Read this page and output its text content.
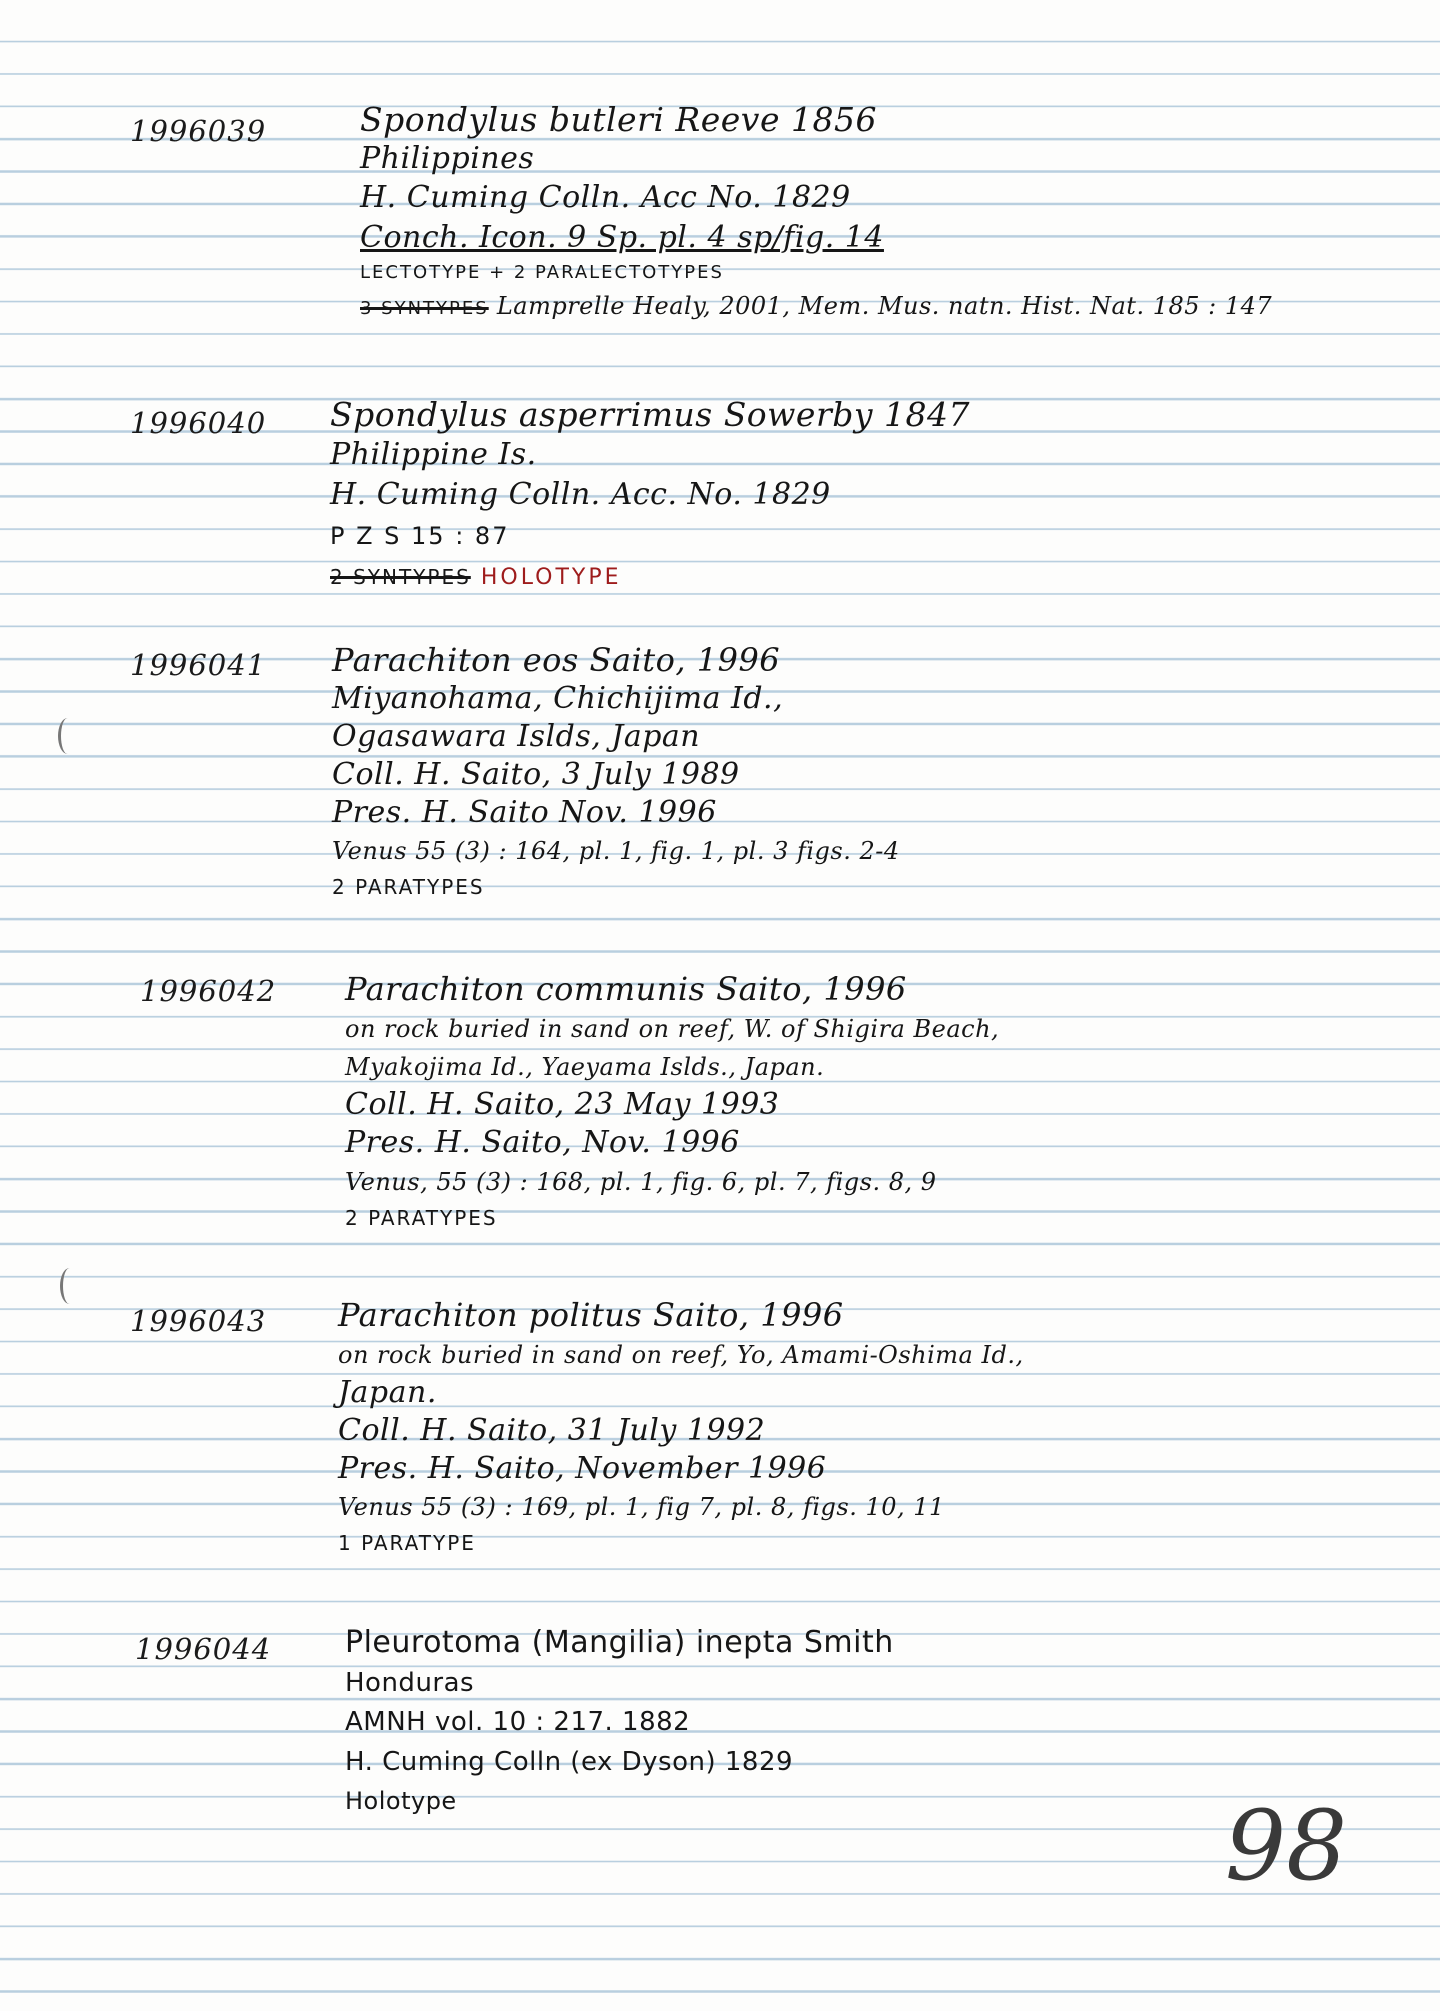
1996039	Spondylus butleri Reeve 1856
Philippines
H. Cuming Colln. Acc No. 1829
Conch. Icon. 9 Sp. pl. 4 sp/fig. 14
LECTOTYPE + 2 PARALECTOTYPES
3 SYNTYPES Lamprelle Healy, 2001, Mem. Mus. natn. Hist. Nat. 185 : 147
1996040 Spondylus asperrimus Sowerby 1847
Philippine Is.
H. Cuming Colln. Acc. No. 1829
P Z S 15 : 87
2 SYNTYPES HOLOTYPE
1996041 Parachiton eos Saito, 1996
Miyanohama, Chichijima Id.,
Ogasawara Islds, Japan
Coll. H. Saito, 3 July 1989
Pres. H. Saito Nov. 1996
Venus 55 (3) : 164, pl. 1, fig. 1, pl. 3 figs. 2-4
2 PARATYPES
1996042 Parachiton communis Saito, 1996
on rock buried in sand on reef, W. of Shigira Beach,
Myakojima Id., Yaeyama Islds., Japan.
Coll. H. Saito, 23 May 1993
Pres. H. Saito, Nov. 1996
Venus, 55 (3) : 168, pl. 1, fig. 6, pl. 7, figs. 8, 9
2 PARATYPES
1996043 Parachiton politus Saito, 1996
on rock buried in sand on reef, Yo, Amami-Oshima Id.,
Japan.
Coll. H. Saito, 31 July 1992
Pres. H. Saito, November 1996
Venus 55 (3) : 169, pl. 1, fig 7, pl. 8, figs. 10, 11
1 PARATYPE
1996044 Pleurotoma (Mangilia) inepta Smith
Honduras
AMNH vol. 10 : 217. 1882
H. Cuming Colln (ex Dyson) 1829
Holotype	98
